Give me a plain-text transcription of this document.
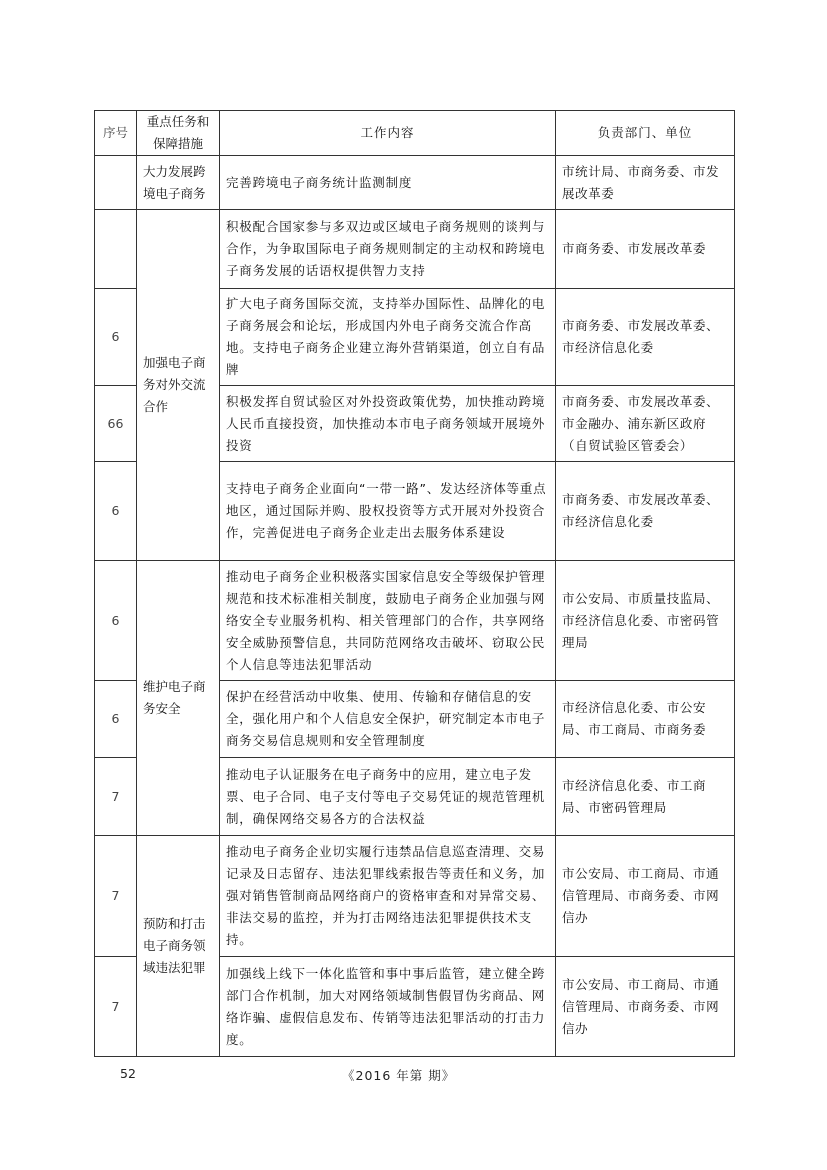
序号	重点任务和保障措施	工作内容	负责部门、单位
	大力发展跨境电子商务	完善跨境电子商务统计监测制度	市统计局、市商务委、市发展改革委
	加强电子商务对外交流合作	积极配合国家参与多双边或区域电子商务规则的谈判与合作，为争取国际电子商务规则制定的主动权和跨境电子商务发展的话语权提供智力支持	市商务委、市发展改革委
6		扩大电子商务国际交流，支持举办国际性、品牌化的电子商务展会和论坛，形成国内外电子商务交流合作高地。支持电子商务企业建立海外营销渠道，创立自有品牌	市商务委、市发展改革委、市经济信息化委
66		积极发挥自贸试验区对外投资政策优势，加快推动跨境人民币直接投资，加快推动本市电子商务领域开展境外投资	市商务委、市发展改革委、市金融办、浦东新区政府（自贸试验区管委会）
6		支持电子商务企业面向“一带一路”、发达经济体等重点地区，通过国际并购、股权投资等方式开展对外投资合作，完善促进电子商务企业走出去服务体系建设	市商务委、市发展改革委、市经济信息化委
6	维护电子商务安全	推动电子商务企业积极落实国家信息安全等级保护管理规范和技术标准相关制度，鼓励电子商务企业加强与网络安全专业服务机构、相关管理部门的合作，共享网络安全威胁预警信息，共同防范网络攻击破坏、窃取公民个人信息等违法犯罪活动	市公安局、市质量技监局、市经济信息化委、市密码管理局
6		保护在经营活动中收集、使用、传输和存储信息的安全，强化用户和个人信息安全保护，研究制定本市电子商务交易信息规则和安全管理制度	市经济信息化委、市公安局、市工商局、市商务委
7		推动电子认证服务在电子商务中的应用，建立电子发票、电子合同、电子支付等电子交易凭证的规范管理机制，确保网络交易各方的合法权益	市经济信息化委、市工商局、市密码管理局
7	预防和打击电子商务领域违法犯罪	推动电子商务企业切实履行违禁品信息巡查清理、交易记录及日志留存、违法犯罪线索报告等责任和义务，加强对销售管制商品网络商户的资格审查和对异常交易、非法交易的监控，并为打击网络违法犯罪提供技术支持。	市公安局、市工商局、市通信管理局、市商务委、市网信办
7		加强线上线下一体化监管和事中事后监管，建立健全跨部门合作机制，加大对网络领域制售假冒伪劣商品、网络诈骗、虚假信息发布、传销等违法犯罪活动的打击力度。	市公安局、市工商局、市通信管理局、市商务委、市网信办
52	《2016 年第 期》
